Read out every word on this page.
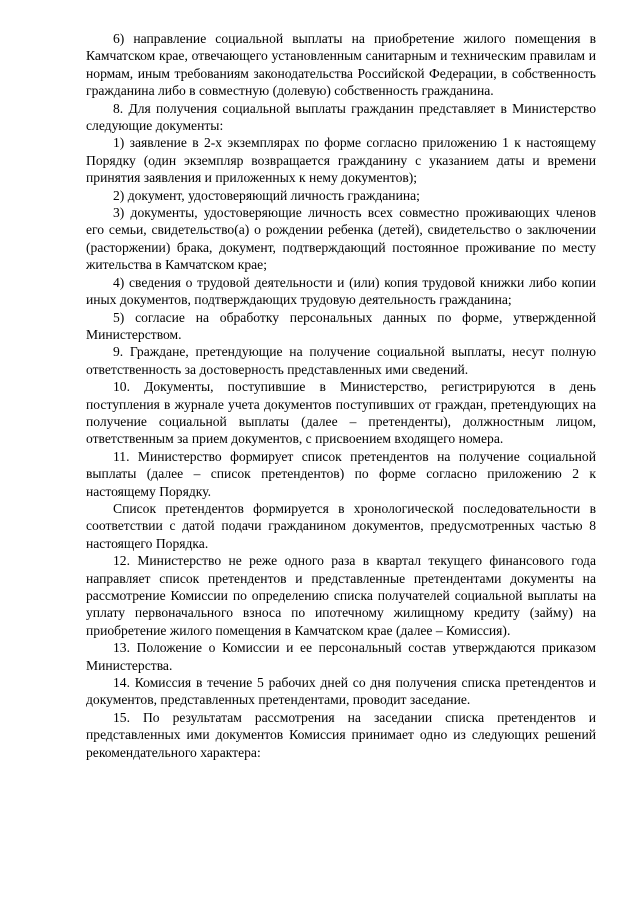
6) направление социальной выплаты на приобретение жилого помещения в Камчатском крае, отвечающего установленным санитарным и техническим правилам и нормам, иным требованиям законодательства Российской Федерации, в собственность гражданина либо в совместную (долевую) собственность гражданина.

8. Для получения социальной выплаты гражданин представляет в Министерство следующие документы:

1) заявление в 2-х экземплярах по форме согласно приложению 1 к настоящему Порядку (один экземпляр возвращается гражданину с указанием даты и времени принятия заявления и приложенных к нему документов);

2) документ, удостоверяющий личность гражданина;

3) документы, удостоверяющие личность всех совместно проживающих членов его семьи, свидетельство(а) о рождении ребенка (детей), свидетельство о заключении (расторжении) брака, документ, подтверждающий постоянное проживание по месту жительства в Камчатском крае;

4) сведения о трудовой деятельности и (или) копия трудовой книжки либо копии иных документов, подтверждающих трудовую деятельность гражданина;

5) согласие на обработку персональных данных по форме, утвержденной Министерством.

9. Граждане, претендующие на получение социальной выплаты, несут полную ответственность за достоверность представленных ими сведений.

10. Документы, поступившие в Министерство, регистрируются в день поступления в журнале учета документов поступивших от граждан, претендующих на получение социальной выплаты (далее – претенденты), должностным лицом, ответственным за прием документов, с присвоением входящего номера.

11. Министерство формирует список претендентов на получение социальной выплаты (далее – список претендентов) по форме согласно приложению 2 к настоящему Порядку.

Список претендентов формируется в хронологической последовательности в соответствии с датой подачи гражданином документов, предусмотренных частью 8 настоящего Порядка.

12. Министерство не реже одного раза в квартал текущего финансового года направляет список претендентов и представленные претендентами документы на рассмотрение Комиссии по определению списка получателей социальной выплаты на уплату первоначального взноса по ипотечному жилищному кредиту (займу) на приобретение жилого помещения в Камчатском крае (далее – Комиссия).

13. Положение о Комиссии и ее персональный состав утверждаются приказом Министерства.

14. Комиссия в течение 5 рабочих дней со дня получения списка претендентов и документов, представленных претендентами, проводит заседание.

15. По результатам рассмотрения на заседании списка претендентов и представленных ими документов Комиссия принимает одно из следующих решений рекомендательного характера:
